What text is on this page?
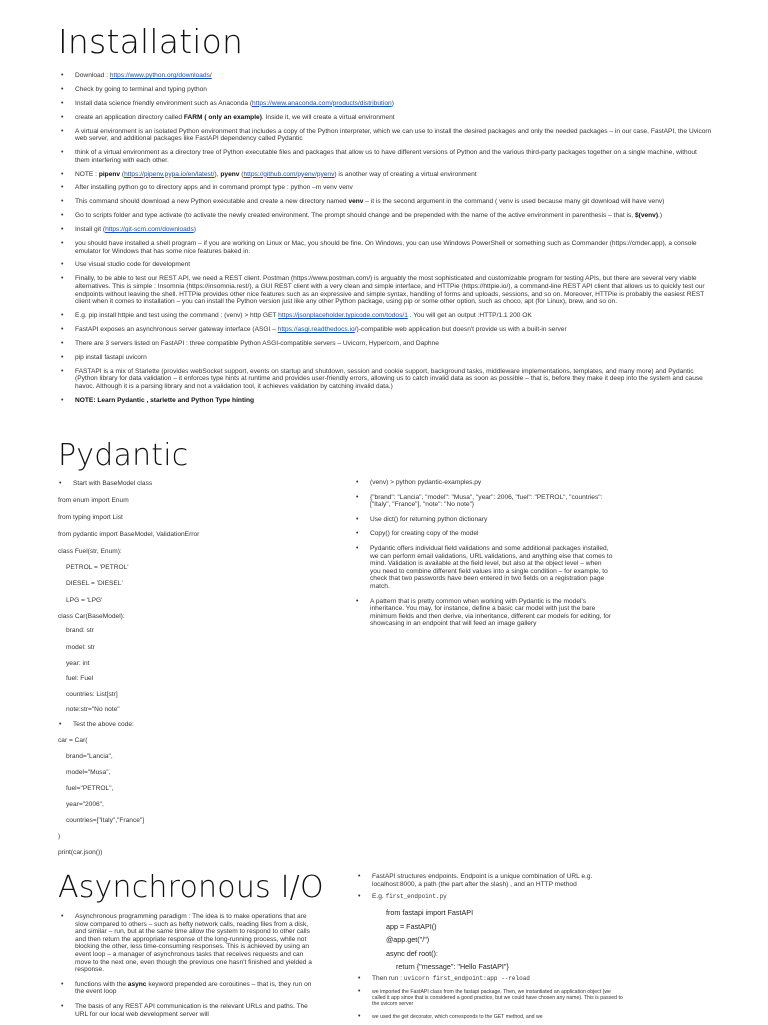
Installation
• Download : https://www.python.org/downloads/
• Check by going to terminal and typing python
• Install data science friendly environment such as Anaconda (https://www.anaconda.com/products/distribution)
• create an application directory called FARM ( only an example). Inside it, we will create a virtual environment
• A virtual environment is an isolated Python environment that includes a copy of the Python interpreter, which we can use to install the desired packages and only the needed packages – in our case, FastAPI, the Uvicorn web server, and additional packages like FastAPI dependency called Pydantic
• think of a virtual environment as a directory tree of Python executable files and packages that allow us to have different versions of Python and the various third-party packages together on a single machine, without them interfering with each other.
• NOTE : pipenv (https://pipenv.pypa.io/en/latest/), pyenv (https://github.com/pyenv/pyenv) is another way of creating a virtual environment
• After installing python go to directory apps and in command prompt type : python –m venv venv
• This command should download a new Python executable and create a new directory named venv – it is the second argument in the command ( venv is used because many git download will have venv)
• Go to scripts folder and type activate (to activate the newly created environment. The prompt should change and be prepended with the name of the active environment in parenthesis – that is, $(venv).)
• Install git (https://git-scm.com/downloads)
• you should have installed a shell program – if you are working on Linux or Mac, you should be fine. On Windows, you can use Windows PowerShell or something such as Commander (https://cmder.app), a console emulator for Windows that has some nice features baked in.
• Use visual studio code for development
• Finally, to be able to test our REST API, we need a REST client. Postman (https://www.postman.com/) is arguably the most sophisticated and customizable program for testing APIs, but there are several very viable alternatives. This is simple : Insomnia (https://insomnia.rest/), a GUI REST client with a very clean and simple interface, and HTTPie (https://httpie.io/), a command-line REST API client that allows us to quickly test our endpoints without leaving the shell. HTTPie provides other nice features such as an expressive and simple syntax, handling of forms and uploads, sessions, and so on. Moreover, HTTPie is probably the easiest REST client when it comes to installation – you can install the Python version just like any other Python package, using pip or some other option, such as choco, apt (for Linux), brew, and so on.
• E.g. pip install httpie and test using the command : (venv) > http GET https://jsonplaceholder.typicode.com/todos/1 . You will get an output :HTTP/1.1 200 OK
• FastAPI exposes an asynchronous server gateway interface (ASGI – https://asgi.readthedocs.io/)-compatible web application but doesn't provide us with a built-in server
• There are 3 servers listed on FastAPI : three compatible Python ASGI-compatible servers – Uvicorn, Hypercorn, and Daphne
• pip install fastapi uvicorn
• FASTAPI is a mix of Starlette (provides webSocket support, events on startup and shutdown, session and cookie support, background tasks, middleware implementations, templates, and many more) and Pydantic (Python library for data validation – it enforces type hints at runtime and provides user-friendly errors, allowing us to catch invalid data as soon as possible – that is, before they make it deep into the system and cause havoc. Although it is a parsing library and not a validation tool, it achieves validation by catching invalid data.)
• NOTE: Learn Pydantic , starlette and Python Type hinting
Pydantic
• Start with BaseModel class
from enum import Enum
from typing import List
from pydantic import BaseModel, ValidationError
class Fuel(str, Enum):
PETROL = 'PETROL'
DIESEL = 'DIESEL'
LPG = 'LPG'
class Car(BaseModel):
brand: str
model: str
year: int
fuel: Fuel
countries: List[str]
note:str="No note"
• Test the above code:
car = Car(
brand="Lancia",
model="Musa",
fuel="PETROL",
year="2006",
countries=["Italy","France"]
)
print(car.json())
• (venv) > python pydantic-examples.py
• {"brand": "Lancia", "model": "Musa", "year": 2006, "fuel": "PETROL", "countries": ["Italy", "France"], "note": "No note"}
• Use dict() for returning python dictionary
• Copy() for creating copy of the model
• Pydantic offers individual field validations and some additional packages installed, we can perform email validations, URL validations, and anything else that comes to mind. Validation is available at the field level, but also at the object level – when you need to combine different field values into a single condition – for example, to check that two passwords have been entered in two fields on a registration page match.
• A pattern that is pretty common when working with Pydantic is the model's inheritance. You may, for instance, define a basic car model with just the bare minimum fields and then derive, via inheritance, different car models for editing, for showcasing in an endpoint that will feed an image gallery
Asynchronous I/O
• Asynchronous programming paradigm : The idea is to make operations that are slow compared to others – such as hefty network calls, reading files from a disk, and similar – run, but at the same time allow the system to respond to other calls and then return the appropriate response of the long-running process, while not blocking the other, less time-consuming responses. This is achieved by using an event loop – a manager of asynchronous tasks that receives requests and can move to the next one, even though the previous one hasn't finished and yielded a response.
• functions with the async keyword prepended are coroutines – that is, they run on the event loop
• The basis of any REST API communication is the relevant URLs and paths. The URL for our local web development server will
• FastAPI structures endpoints. Endpoint is a unique combination of URL e.g. localhost:8000, a path (the part after the slash) , and an HTTP method
• E.g. first_endpoint.py
from fastapi import FastAPI
app = FastAPI()
@app.get("/")
async def root():
return {"message": "Hello FastAPI"}
• Then run : uvicorn first_endpoint:app --reload
• we imported the FastAPI class from the fastapi package. Then, we instantiated an application object (we called it app since that is considered a good practice, but we could have chosen any name). This is passed to the uvicorn server
• we used the get decorator, which corresponds to the GET method, and we
